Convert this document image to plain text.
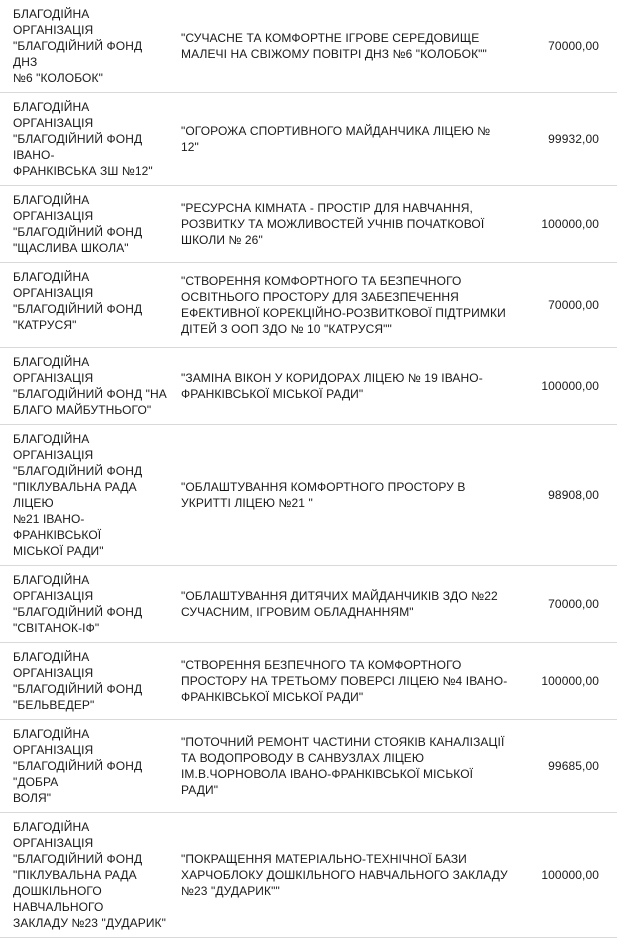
БЛАГОДІЙНА ОРГАНІЗАЦІЯ
"БЛАГОДІЙНИЙ ФОНД ДНЗ
№6 "КОЛОБОК"	"СУЧАСНЕ ТА КОМФОРТНЕ ІГРОВЕ СЕРЕДОВИЩЕ МАЛЕЧІ НА СВІЖОМУ ПОВІТРІ ДНЗ №6 "КОЛОБОК""	70000,00

БЛАГОДІЙНА ОРГАНІЗАЦІЯ
"БЛАГОДІЙНИЙ ФОНД ІВАНО-
ФРАНКІВСЬКА ЗШ №12"	"ОГОРОЖА СПОРТИВНОГО МАЙДАНЧИКА ЛІЦЕЮ № 12"	99932,00

БЛАГОДІЙНА ОРГАНІЗАЦІЯ
"БЛАГОДІЙНИЙ ФОНД
"ЩАСЛИВА ШКОЛА"	"РЕСУРСНА КІМНАТА - ПРОСТІР ДЛЯ НАВЧАННЯ, РОЗВИТКУ ТА МОЖЛИВОСТЕЙ УЧНІВ ПОЧАТКОВОЇ ШКОЛИ № 26"	100000,00

БЛАГОДІЙНА ОРГАНІЗАЦІЯ
"БЛАГОДІЙНИЙ ФОНД
"КАТРУСЯ"	"СТВОРЕННЯ КОМФОРТНОГО ТА БЕЗПЕЧНОГО ОСВІТНЬОГО ПРОСТОРУ ДЛЯ ЗАБЕЗПЕЧЕННЯ ЕФЕКТИВНОЇ КОРЕКЦІЙНО-РОЗВИТКОВОЇ ПІДТРИМКИ ДІТЕЙ З ООП ЗДО № 10 "КАТРУСЯ""	70000,00

БЛАГОДІЙНА ОРГАНІЗАЦІЯ
"БЛАГОДІЙНИЙ ФОНД "НА
БЛАГО МАЙБУТНЬОГО"	"ЗАМІНА ВІКОН У КОРИДОРАХ ЛІЦЕЮ № 19 ІВАНО-ФРАНКІВСЬКОЇ МІСЬКОЇ РАДИ"	100000,00

БЛАГОДІЙНА ОРГАНІЗАЦІЯ
"БЛАГОДІЙНИЙ ФОНД
"ПІКЛУВАЛЬНА РАДА ЛІЦЕЮ
№21 ІВАНО-ФРАНКІВСЬКОЇ
МІСЬКОЇ РАДИ"	"ОБЛАШТУВАННЯ КОМФОРТНОГО ПРОСТОРУ В УКРИТТІ ЛІЦЕЮ №21 "	98908,00

БЛАГОДІЙНА ОРГАНІЗАЦІЯ
"БЛАГОДІЙНИЙ ФОНД
"СВІТАНОК-ІФ"	"ОБЛАШТУВАННЯ ДИТЯЧИХ МАЙДАНЧИКІВ ЗДО №22 СУЧАСНИМ, ІГРОВИМ ОБЛАДНАННЯМ"	70000,00

БЛАГОДІЙНА ОРГАНІЗАЦІЯ
"БЛАГОДІЙНИЙ ФОНД
"БЕЛЬВЕДЕР"	"СТВОРЕННЯ БЕЗПЕЧНОГО ТА КОМФОРТНОГО ПРОСТОРУ НА ТРЕТЬОМУ ПОВЕРСІ ЛІЦЕЮ №4 ІВАНО-ФРАНКІВСЬКОЇ МІСЬКОЇ РАДИ"	100000,00

БЛАГОДІЙНА ОРГАНІЗАЦІЯ
"БЛАГОДІЙНИЙ ФОНД "ДОБРА
ВОЛЯ"	"ПОТОЧНИЙ РЕМОНТ ЧАСТИНИ СТОЯКІВ КАНАЛІЗАЦІЇ ТА ВОДОПРОВОДУ В САНВУЗЛАХ ЛІЦЕЮ ІМ.В.ЧОРНОВОЛА ІВАНО-ФРАНКІВСЬКОЇ МІСЬКОЇ РАДИ"	99685,00

БЛАГОДІЙНА ОРГАНІЗАЦІЯ
"БЛАГОДІЙНИЙ ФОНД
"ПІКЛУВАЛЬНА РАДА
ДОШКІЛЬНОГО НАВЧАЛЬНОГО
ЗАКЛАДУ №23 "ДУДАРИК"	"ПОКРАЩЕННЯ МАТЕРІАЛЬНО-ТЕХНІЧНОЇ БАЗИ ХАРЧОБЛОКУ ДОШКІЛЬНОГО НАВЧАЛЬНОГО ЗАКЛАДУ №23 "ДУДАРИК""	100000,00
